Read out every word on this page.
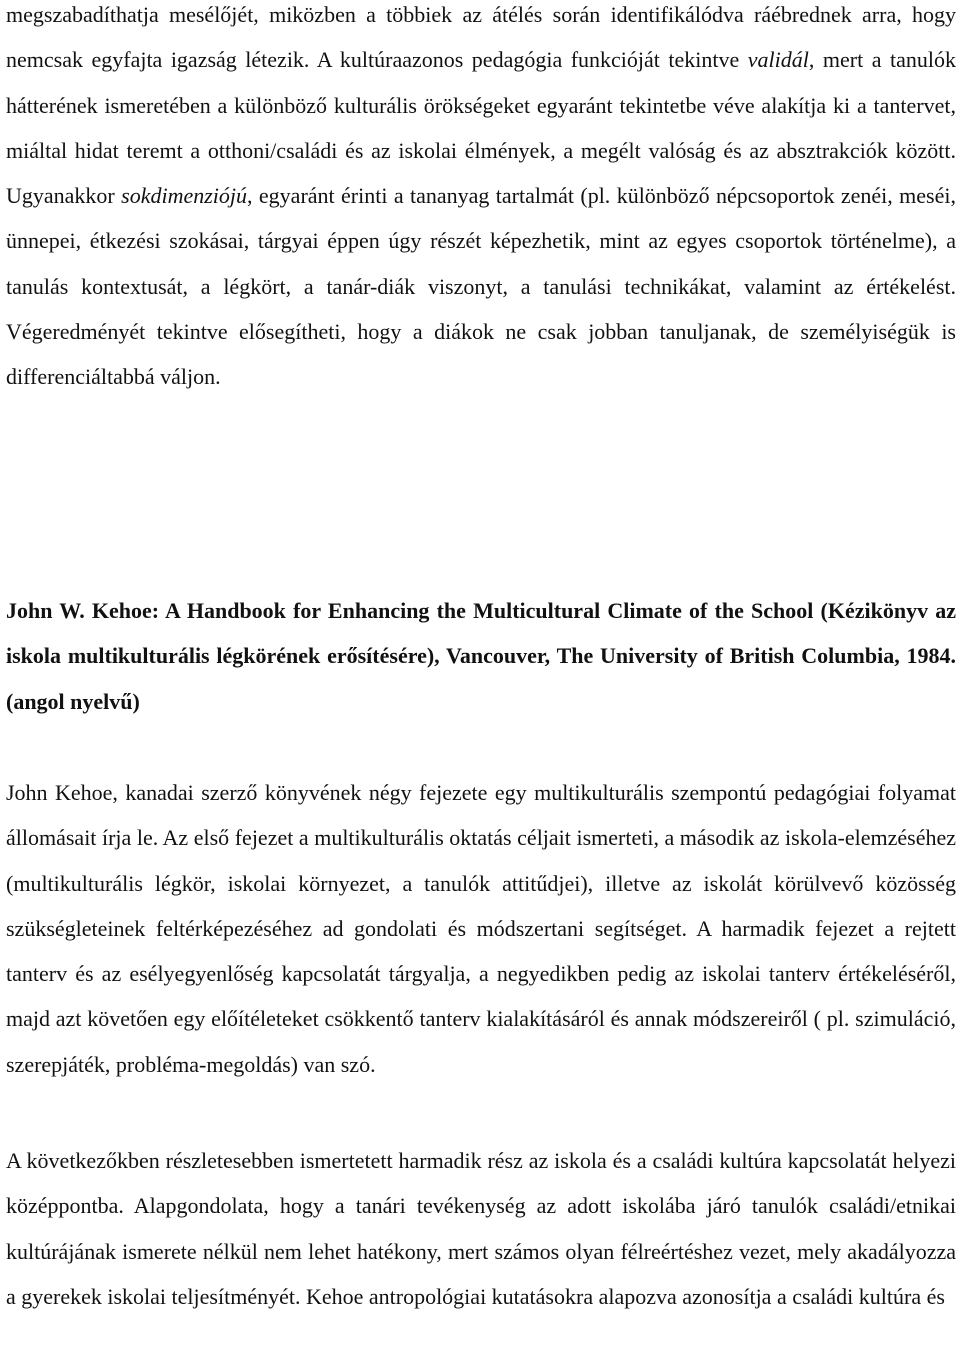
megszabadíthatja mesélőjét, miközben a többiek az átélés során identifikálódva ráébrednek arra, hogy nemcsak egyfajta igazság létezik. A kultúraazonos pedagógia funkcióját tekintve validál, mert a tanulók hátterének ismeretében a különböző kulturális örökségeket egyaránt tekintetbe véve alakítja ki a tantervet, miáltal hidat teremt a otthoni/családi és az iskolai élmények, a megélt valóság és az absztrakciók között. Ugyanakkor sokdimenziójú, egyaránt érinti a tananyag tartalmát (pl. különböző népcsoportok zenéi, meséi, ünnepei, étkezési szokásai, tárgyai éppen úgy részét képezhetik, mint az egyes csoportok történelme), a tanulás kontextusát, a légkört, a tanár-diák viszonyt, a tanulási technikákat, valamint az értékelést. Végeredményét tekintve elősegítheti, hogy a diákok ne csak jobban tanuljanak, de személyiségük is differenciáltabbá váljon.

John W. Kehoe: A Handbook for Enhancing the Multicultural Climate of the School (Kézikönyv az iskola multikulturális légkörének erősítésére), Vancouver, The University of British Columbia, 1984. (angol nyelvű)

John Kehoe, kanadai szerző könyvének négy fejezete egy multikulturális szempontú pedagógiai folyamat állomásait írja le. Az első fejezet a multikulturális oktatás céljait ismerteti, a második az iskola-elemzéséhez (multikulturális légkör, iskolai környezet, a tanulók attitűdjei), illetve az iskolát körülvevő közösség szükségleteinek feltérképezéséhez ad gondolati és módszertani segítséget. A harmadik fejezet a rejtett tanterv és az esélyegyenlőség kapcsolatát tárgyalja, a negyedikben pedig az iskolai tanterv értékeléséről, majd azt követően egy előítéleteket csökkentő tanterv kialakításáról és annak módszereiről ( pl. szimuláció, szerepjáték, probléma-megoldás) van szó.

A következőkben részletesebben ismertetett harmadik rész az iskola és a családi kultúra kapcsolatát helyezi középpontba. Alapgondolata, hogy a tanári tevékenység az adott iskolába járó tanulók családi/etnikai kultúrájának ismerete nélkül nem lehet hatékony, mert számos olyan félreértéshez vezet, mely akadályozza a gyerekek iskolai teljesítményét. Kehoe antropológiai kutatásokra alapozva azonosítja a családi kultúra és
